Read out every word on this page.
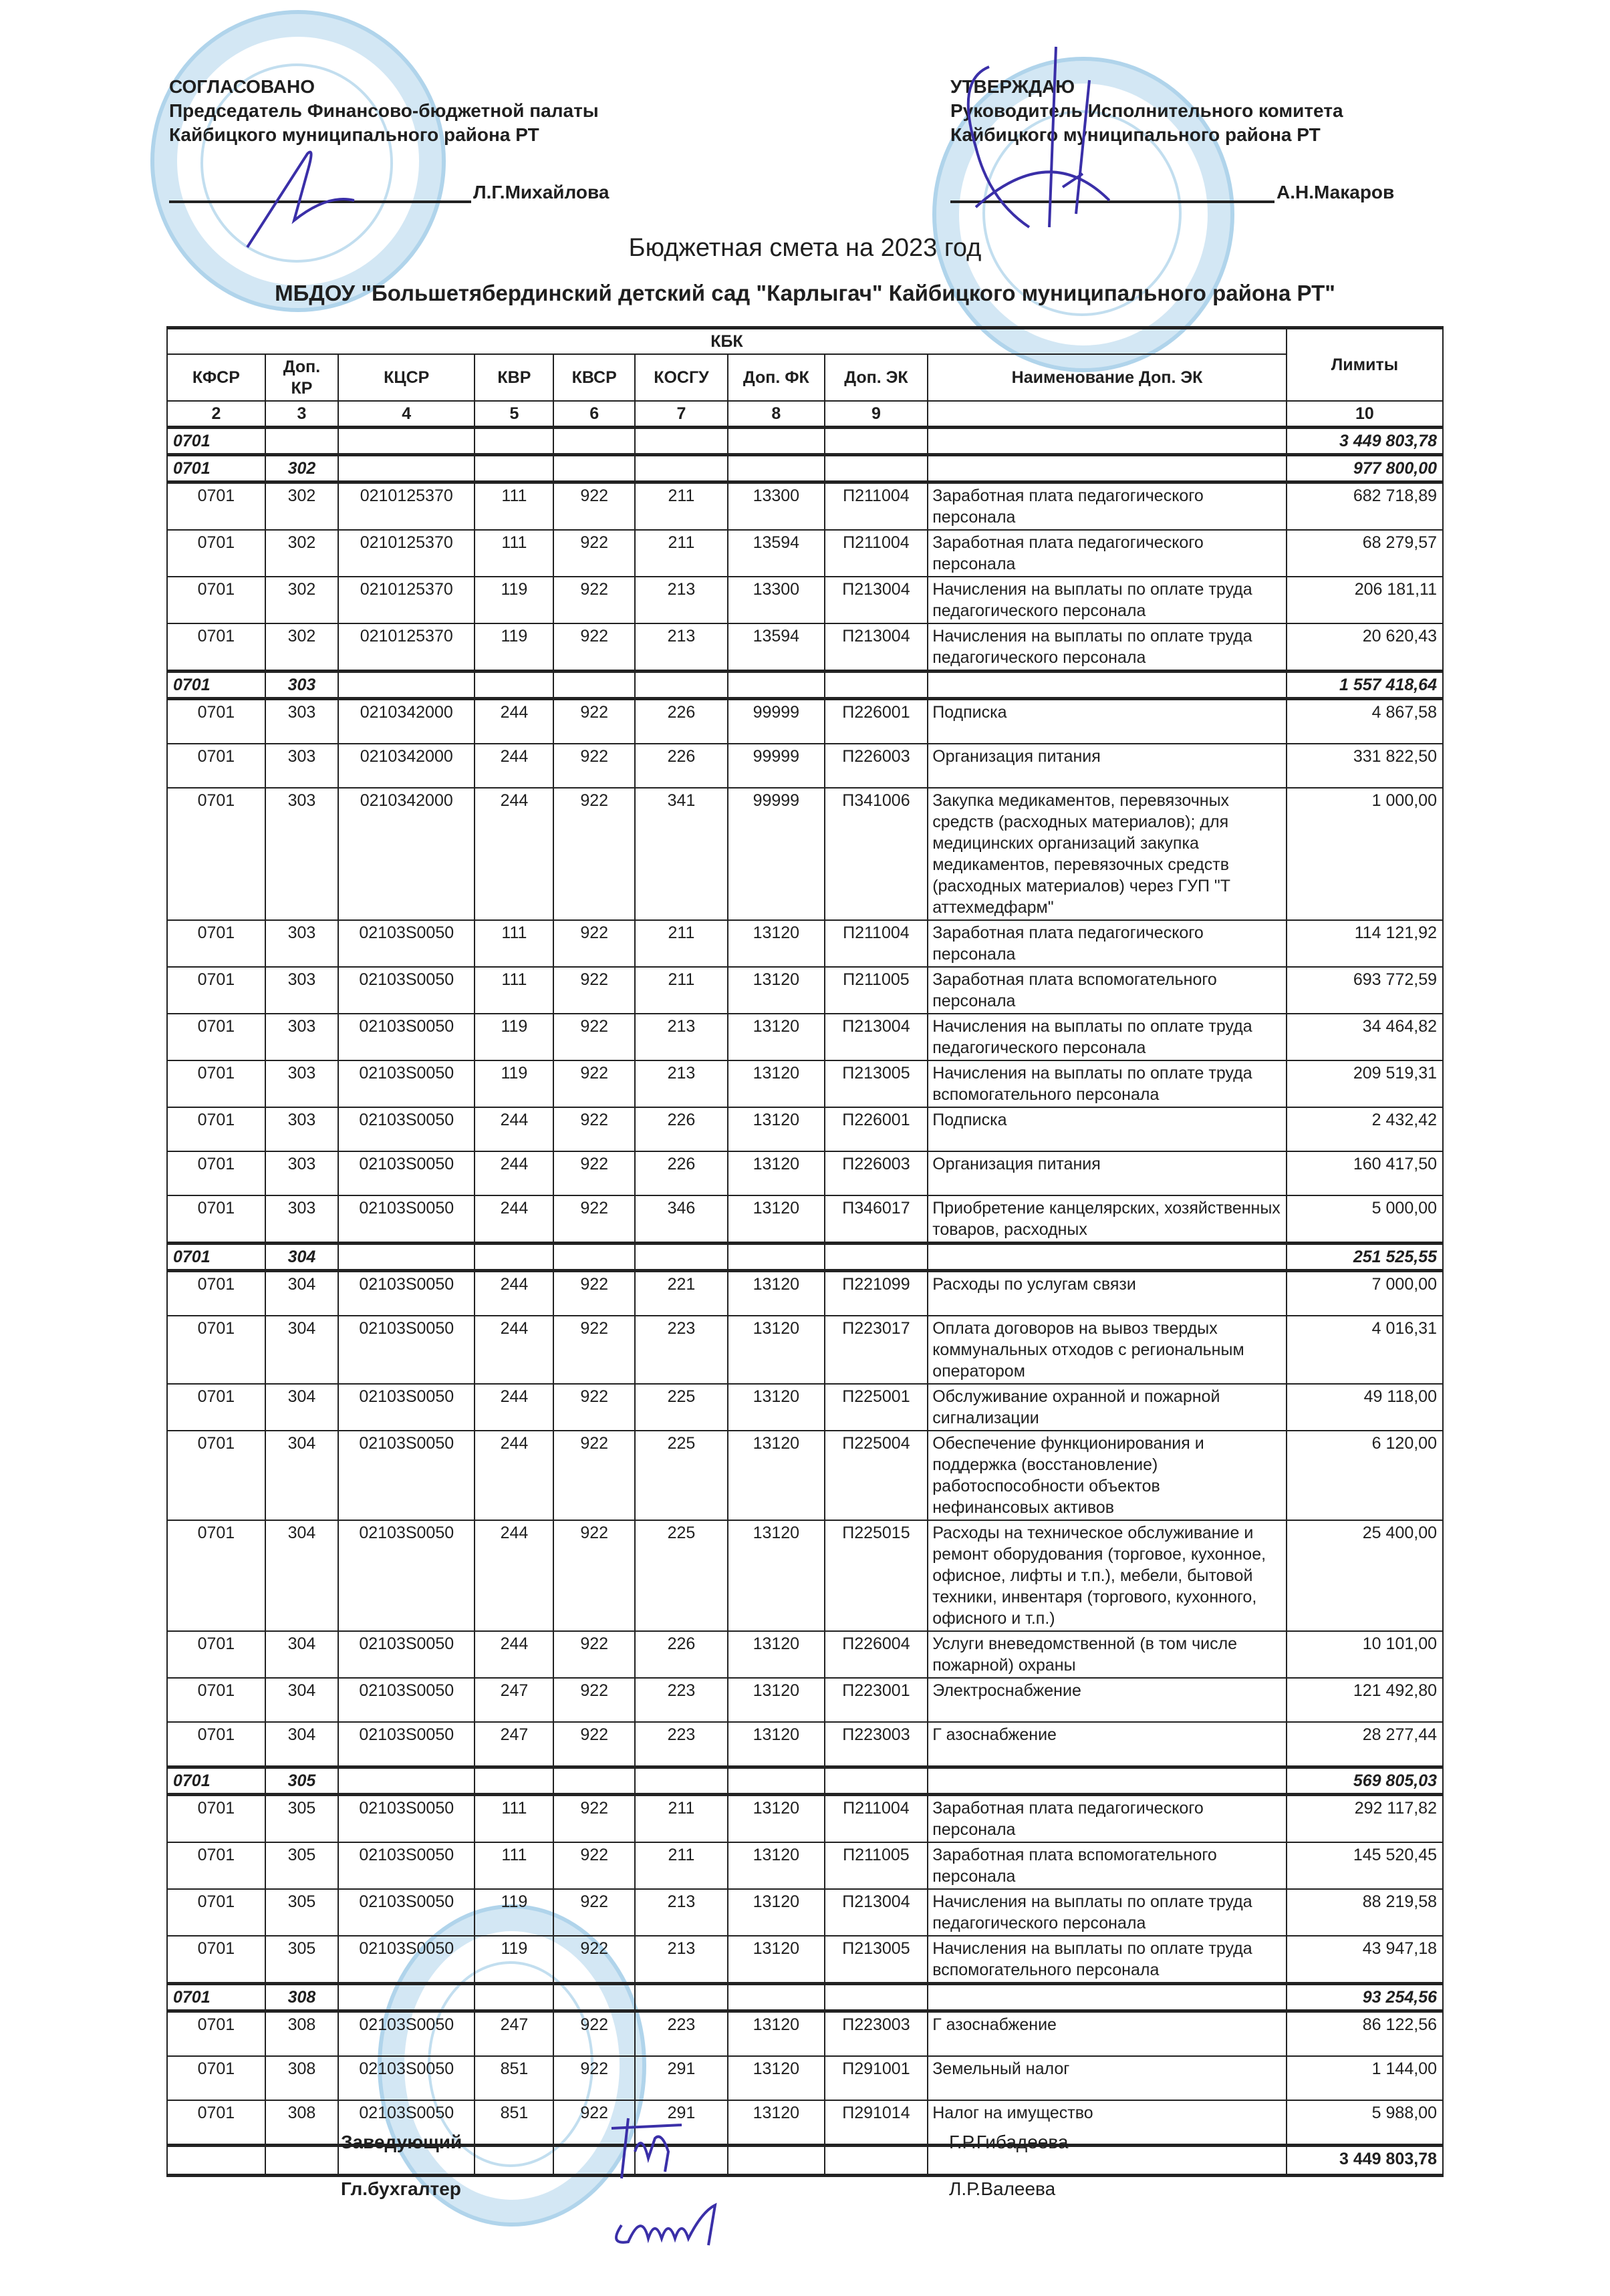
СОГЛАСОВАНО
Председатель Финансово-бюджетной палаты
Кайбицкого муниципального района РТ
Л.Г.Михайлова
УТВЕРЖДАЮ
Руководитель Исполнительного комитета
Кайбицкого муниципального района РТ
А.Н.Макаров
Бюджетная смета на 2023 год
МБДОУ "Большетябердинский детский сад "Карлыгач" Кайбицкого муниципального района РТ"
КБК									Лимиты
КФСР	Доп. КР	КЦСР	КВР	КВСР	КОСГУ	Доп. ФК	Доп. ЭК	Наименование Доп. ЭК	
2	3	4	5	6	7	8	9		10
0701									3 449 803,78
0701	302								977 800,00
0701	302	0210125370	111	922	211	13300	П211004	Заработная плата педагогического персонала	682 718,89
0701	302	0210125370	111	922	211	13594	П211004	Заработная плата педагогического персонала	68 279,57
0701	302	0210125370	119	922	213	13300	П213004	Начисления на выплаты по оплате труда педагогического персонала	206 181,11
0701	302	0210125370	119	922	213	13594	П213004	Начисления на выплаты по оплате труда педагогического персонала	20 620,43
0701	303								1 557 418,64
0701	303	0210342000	244	922	226	99999	П226001	Подписка	4 867,58
0701	303	0210342000	244	922	226	99999	П226003	Организация питания	331 822,50
0701	303	0210342000	244	922	341	99999	П341006	Закупка медикаментов, перевязочных средств (расходных материалов); для медицинских организаций закупка медикаментов, перевязочных средств (расходных материалов) через ГУП "Т аттехмедфарм"	1 000,00
0701	303	02103S0050	111	922	211	13120	П211004	Заработная плата педагогического персонала	114 121,92
0701	303	02103S0050	111	922	211	13120	П211005	Заработная плата вспомогательного персонала	693 772,59
0701	303	02103S0050	119	922	213	13120	П213004	Начисления на выплаты по оплате труда педагогического персонала	34 464,82
0701	303	02103S0050	119	922	213	13120	П213005	Начисления на выплаты по оплате труда вспомогательного персонала	209 519,31
0701	303	02103S0050	244	922	226	13120	П226001	Подписка	2 432,42
0701	303	02103S0050	244	922	226	13120	П226003	Организация питания	160 417,50
0701	303	02103S0050	244	922	346	13120	П346017	Приобретение канцелярских, хозяйственных товаров, расходных	5 000,00
0701	304								251 525,55
0701	304	02103S0050	244	922	221	13120	П221099	Расходы по услугам связи	7 000,00
0701	304	02103S0050	244	922	223	13120	П223017	Оплата договоров на вывоз твердых коммунальных отходов с региональным оператором	4 016,31
0701	304	02103S0050	244	922	225	13120	П225001	Обслуживание охранной и пожарной сигнализации	49 118,00
0701	304	02103S0050	244	922	225	13120	П225004	Обеспечение функционирования и поддержка (восстановление) работоспособности объектов нефинансовых активов	6 120,00
0701	304	02103S0050	244	922	225	13120	П225015	Расходы на техническое обслуживание и ремонт оборудования (торговое, кухонное, офисное, лифты и т.п.), мебели, бытовой техники, инвентаря (торгового, кухонного, офисного и т.п.)	25 400,00
0701	304	02103S0050	244	922	226	13120	П226004	Услуги вневедомственной (в том числе пожарной) охраны	10 101,00
0701	304	02103S0050	247	922	223	13120	П223001	Электроснабжение	121 492,80
0701	304	02103S0050	247	922	223	13120	П223003	Г азоснабжение	28 277,44
0701	305								569 805,03
0701	305	02103S0050	111	922	211	13120	П211004	Заработная плата педагогического персонала	292 117,82
0701	305	02103S0050	111	922	211	13120	П211005	Заработная плата вспомогательного персонала	145 520,45
0701	305	02103S0050	119	922	213	13120	П213004	Начисления на выплаты по оплате труда педагогического персонала	88 219,58
0701	305	02103S0050	119	922	213	13120	П213005	Начисления на выплаты по оплате труда вспомогательного персонала	43 947,18
0701	308								93 254,56
0701	308	02103S0050	247	922	223	13120	П223003	Г азоснабжение	86 122,56
0701	308	02103S0050	851	922	291	13120	П291001	Земельный налог	1 144,00
0701	308	02103S0050	851	922	291	13120	П291014	Налог на имущество	5 988,00
									3 449 803,78
Заведующий	Г.Р.Гибадеева
Гл.бухгалтер	Л.Р.Валеева
